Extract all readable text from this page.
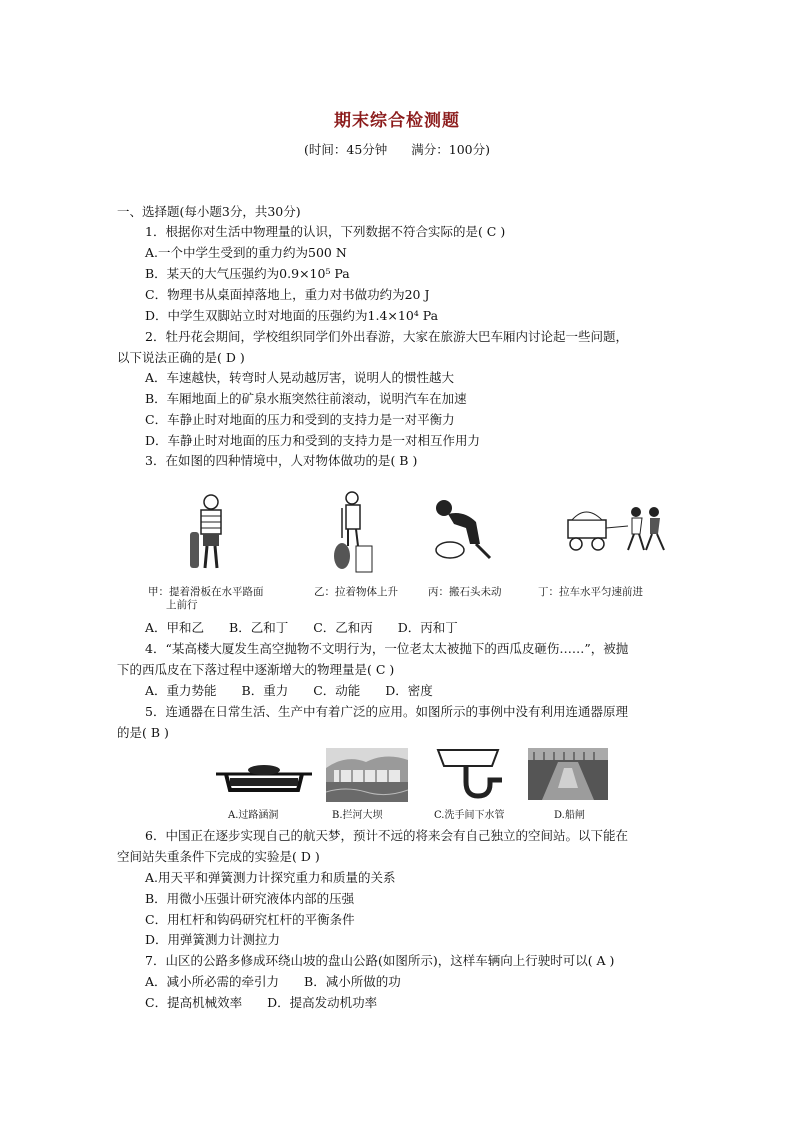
期末综合检测题
(时间：45分钟 满分：100分)
一、选择题(每小题3分，共30分)
1．根据你对生活中物理量的认识，下列数据不符合实际的是( C )
A.一个中学生受到的重力约为500 N
B．某天的大气压强约为0.9×10⁵ Pa
C．物理书从桌面掉落地上，重力对书做功约为20 J
D．中学生双脚站立时对地面的压强约为1.4×10⁴ Pa
2．牡丹花会期间，学校组织同学们外出春游，大家在旅游大巴车厢内讨论起一些问题，
以下说法正确的是( D )
A．车速越快，转弯时人晃动越厉害，说明人的惯性越大
B．车厢地面上的矿泉水瓶突然往前滚动，说明汽车在加速
C．车静止时对地面的压力和受到的支持力是一对平衡力
D．车静止时对地面的压力和受到的支持力是一对相互作用力
3．在如图的四种情境中，人对物体做功的是( B )
甲：提着滑板在水平路面
上前行
乙：拉着物体上升	丙：搬石头未动	丁：拉车水平匀速前进
A．甲和乙　　B．乙和丁　　C．乙和丙　　D．丙和丁
4．“某高楼大厦发生高空抛物不文明行为，一位老太太被抛下的西瓜皮砸伤……”，被抛
下的西瓜皮在下落过程中逐渐增大的物理量是( C )
A．重力势能　　B．重力　　C．动能　　D．密度
5．连通器在日常生活、生产中有着广泛的应用。如图所示的事例中没有利用连通器原理
的是( B )
A.过路涵洞	B.拦河大坝	C.洗手间下水管	D.船闸
6．中国正在逐步实现自己的航天梦，预计不远的将来会有自己独立的空间站。以下能在
空间站失重条件下完成的实验是( D )
A.用天平和弹簧测力计探究重力和质量的关系
B．用微小压强计研究液体内部的压强
C．用杠杆和钩码研究杠杆的平衡条件
D．用弹簧测力计测拉力
7．山区的公路多修成环绕山坡的盘山公路(如图所示)，这样车辆向上行驶时可以( A )
A．减小所必需的牵引力　　B．减小所做的功
C．提高机械效率　　D．提高发动机功率
